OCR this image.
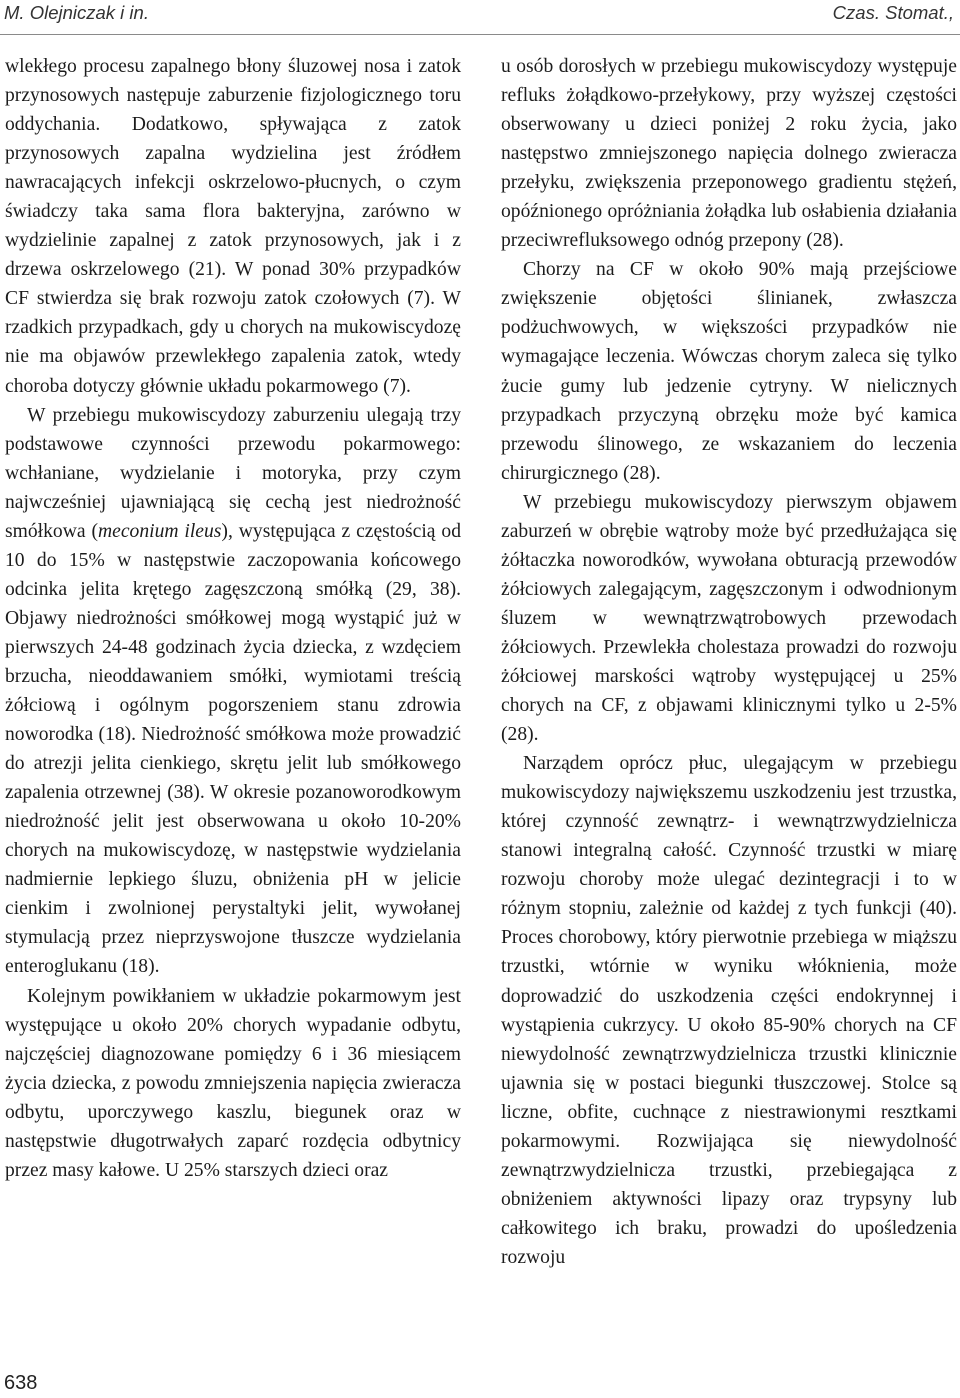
M. Olejniczak i in.	Czas. Stomat.,

wlekłego procesu zapalnego błony śluzowej nosa i zatok przynosowych następuje zaburzenie fizjologicznego toru oddychania. Dodatkowo, spływająca z zatok przynosowych zapalna wydzielina jest źródłem nawracających infekcji oskrzelowo-płucnych, o czym świadczy taka sama flora bakteryjna, zarówno w wydzielinie zapalnej z zatok przynosowych, jak i z drzewa oskrzelowego (21). W ponad 30% przypadków CF stwierdza się brak rozwoju zatok czołowych (7). W rzadkich przypadkach, gdy u chorych na mukowiscydozę nie ma objawów przewlekłego zapalenia zatok, wtedy choroba dotyczy głównie układu pokarmowego (7).

W przebiegu mukowiscydozy zaburzeniu ulegają trzy podstawowe czynności przewodu pokarmowego: wchłaniane, wydzielanie i motoryka, przy czym najwcześniej ujawniającą się cechą jest niedrożność smółkowa (meconium ileus), występująca z częstością od 10 do 15% w następstwie zaczopowania końcowego odcinka jelita krętego zagęszczoną smółką (29, 38). Objawy niedrożności smółkowej mogą wystąpić już w pierwszych 24-48 godzinach życia dziecka, z wzdęciem brzucha, nieoddawaniem smółki, wymiotami treścią żółciową i ogólnym pogorszeniem stanu zdrowia noworodka (18). Niedrożność smółkowa może prowadzić do atrezji jelita cienkiego, skrętu jelit lub smółkowego zapalenia otrzewnej (38). W okresie pozanoworodkowym niedrożność jelit jest obserwowana u około 10-20% chorych na mukowiscydozę, w następstwie wydzielania nadmiernie lepkiego śluzu, obniżenia pH w jelicie cienkim i zwolnionej perystaltyki jelit, wywołanej stymulacją przez nieprzyswojone tłuszcze wydzielania enteroglukanu (18).

Kolejnym powikłaniem w układzie pokarmowym jest występujące u około 20% chorych wypadanie odbytu, najczęściej diagnozowane pomiędzy 6 i 36 miesiącem życia dziecka, z powodu zmniejszenia napięcia zwieracza odbytu, uporczywego kaszlu, biegunek oraz w następstwie długotrwałych zaparć rozdęcia odbytnicy przez masy kałowe. U 25% starszych dzieci oraz

u osób dorosłych w przebiegu mukowiscydozy występuje refluks żołądkowo-przełykowy, przy wyższej częstości obserwowany u dzieci poniżej 2 roku życia, jako następstwo zmniejszonego napięcia dolnego zwieracza przełyku, zwiększenia przeponowego gradientu stężeń, opóźnionego opróżniania żołądka lub osłabienia działania przeciwrefluksowego odnóg przepony (28).

Chorzy na CF w około 90% mają przejściowe zwiększenie objętości ślinianek, zwłaszcza podżuchwowych, w większości przypadków nie wymagające leczenia. Wówczas chorym zaleca się tylko żucie gumy lub jedzenie cytryny. W nielicznych przypadkach przyczyną obrzęku może być kamica przewodu ślinowego, ze wskazaniem do leczenia chirurgicznego (28).

W przebiegu mukowiscydozy pierwszym objawem zaburzeń w obrębie wątroby może być przedłużająca się żółtaczka noworodków, wywołana obturacją przewodów żółciowych zalegającym, zagęszczonym i odwodnionym śluzem w wewnątrzwątrobowych przewodach żółciowych. Przewlekła cholestaza prowadzi do rozwoju żółciowej marskości wątroby występującej u 25% chorych na CF, z objawami klinicznymi tylko u 2-5% (28).

Narządem oprócz płuc, ulegającym w przebiegu mukowiscydozy największemu uszkodzeniu jest trzustka, której czynność zewnątrz- i wewnątrzwydzielnicza stanowi integralną całość. Czynność trzustki w miarę rozwoju choroby może ulegać dezintegracji i to w różnym stopniu, zależnie od każdej z tych funkcji (40). Proces chorobowy, który pierwotnie przebiega w miąższu trzustki, wtórnie w wyniku włóknienia, może doprowadzić do uszkodzenia części endokrynnej i wystąpienia cukrzycy. U około 85-90% chorych na CF niewydolność zewnątrzwydzielnicza trzustki klinicznie ujawnia się w postaci biegunki tłuszczowej. Stolce są liczne, obfite, cuchnące z niestrawionymi resztkami pokarmowymi. Rozwijająca się niewydolność zewnątrzwydzielnicza trzustki, przebiegająca z obniżeniem aktywności lipazy oraz trypsyny lub całkowitego ich braku, prowadzi do upośledzenia rozwoju

638
